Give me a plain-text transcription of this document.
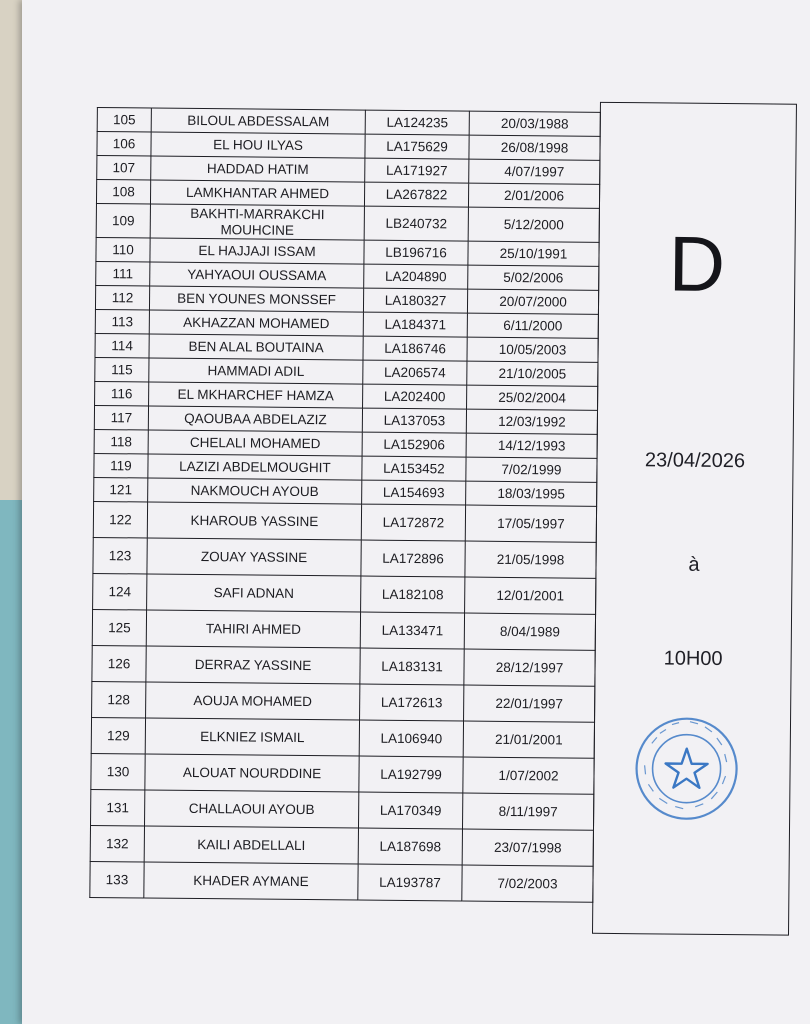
105	BILOUL ABDESSALAM	LA124235	20/03/1988
106	EL HOU ILYAS	LA175629	26/08/1998
107	HADDAD HATIM	LA171927	4/07/1997
108	LAMKHANTAR AHMED	LA267822	2/01/2006
109	BAKHTI-MARRAKCHI MOUHCINE	LB240732	5/12/2000
110	EL HAJJAJI ISSAM	LB196716	25/10/1991
111	YAHYAOUI OUSSAMA	LA204890	5/02/2006
112	BEN YOUNES MONSSEF	LA180327	20/07/2000
113	AKHAZZAN MOHAMED	LA184371	6/11/2000
114	BEN ALAL BOUTAINA	LA186746	10/05/2003
115	HAMMADI ADIL	LA206574	21/10/2005
116	EL MKHARCHEF HAMZA	LA202400	25/02/2004
117	QAOUBAA ABDELAZIZ	LA137053	12/03/1992
118	CHELALI MOHAMED	LA152906	14/12/1993
119	LAZIZI ABDELMOUGHIT	LA153452	7/02/1999
121	NAKMOUCH AYOUB	LA154693	18/03/1995
122	KHAROUB YASSINE	LA172872	17/05/1997
123	ZOUAY YASSINE	LA172896	21/05/1998
124	SAFI ADNAN	LA182108	12/01/2001
125	TAHIRI AHMED	LA133471	8/04/1989
126	DERRAZ YASSINE	LA183131	28/12/1997
128	AOUJA MOHAMED	LA172613	22/01/1997
129	ELKNIEZ ISMAIL	LA106940	21/01/2001
130	ALOUAT NOURDDINE	LA192799	1/07/2002
131	CHALLAOUI AYOUB	LA170349	8/11/1997
132	KAILI ABDELLALI	LA187698	23/07/1998
133	KHADER AYMANE	LA193787	7/02/2003
D
23/04/2026
à
10H00
